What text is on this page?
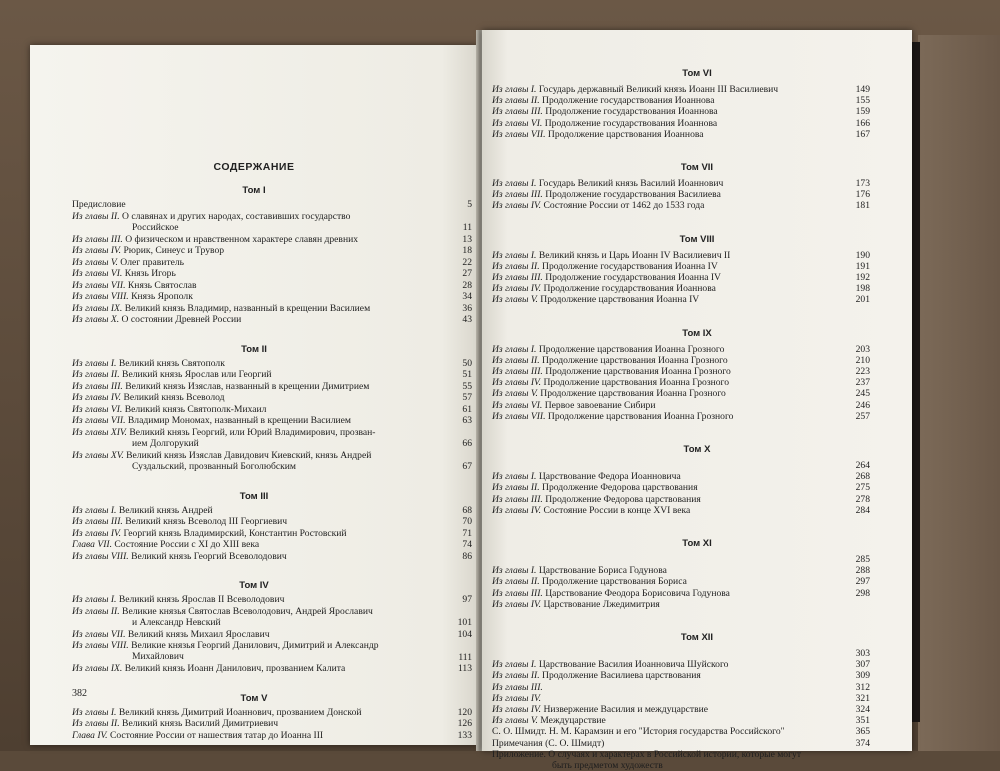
СОДЕРЖАНИЕ
Том I
Предисловие	5
Из главы II. О славянах и других народах, составивших государство
Российское	11
Из главы III. О физическом и нравственном характере славян древних	13
Из главы IV. Рюрик, Синеус и Трувор	18
Из главы V. Олег правитель	22
Из главы VI. Князь Игорь	27
Из главы VII. Князь Святослав	28
Из главы VIII. Князь Ярополк	34
Из главы IX. Великий князь Владимир, названный в крещении Василием	36
Из главы X. О состоянии Древней России	43
Том II
Из главы I. Великий князь Святополк	50
Из главы II. Великий князь Ярослав или Георгий	51
Из главы III. Великий князь Изяслав, названный в крещении Димитрием	55
Из главы IV. Великий князь Всеволод	57
Из главы VI. Великий князь Святополк-Михаил	61
Из главы VII. Владимир Мономах, названный в крещении Василием	63
Из главы XIV. Великий князь Георгий, или Юрий Владимирович, прозван-
ием Долгорукий	66
Из главы XV. Великий князь Изяслав Давидович Киевский, князь Андрей
Суздальский, прозванный Боголюбским	67
Том III
Из главы I. Великий князь Андрей	68
Из главы III. Великий князь Всеволод III Георгиевич	70
Из главы IV. Георгий князь Владимирский, Константин Ростовский	71
Глава VII. Состояние России с XI до XIII века	74
Из главы VIII. Великий князь Георгий Всеволодович	86
Том IV
Из главы I. Великий князь Ярослав II Всеволодович	97
Из главы II. Великие князья Святослав Всеволодович, Андрей Ярославич
и Александр Невский	101
Из главы VII. Великий князь Михаил Ярославич	104
Из главы VIII. Великие князья Георгий Данилович, Димитрий и Александр
Михайлович	111
Из главы IX. Великий князь Иоанн Данилович, прозванием Калита	113
Том V
Из главы I. Великий князь Димитрий Иоаннович, прозванием Донской	120
Из главы II. Великий князь Василий Димитриевич	126
Глава IV. Состояние России от нашествия татар до Иоанна III	133
382
Том VI
Из главы I. Государь державный Великий князь Иоанн III Василиевич	149
Из главы II. Продолжение государствования Иоаннова	155
Из главы III. Продолжение государствования Иоаннова	159
Из главы VI. Продолжение государствования Иоаннова	166
Из главы VII. Продолжение царствования Иоаннова	167
Том VII
Из главы I. Государь Великий князь Василий Иоаннович	173
Из главы III. Продолжение государствования Василиева	176
Из главы IV. Состояние России от 1462 до 1533 года	181
Том VIII
Из главы I. Великий князь и Царь Иоанн IV Василиевич II	190
Из главы II. Продолжение государствования Иоанна IV	191
Из главы III. Продолжение государствования Иоанна IV	192
Из главы IV. Продолжение государствования Иоаннова	198
Из главы V. Продолжение царствования Иоанна IV	201
Том IX
Из главы I. Продолжение царствования Иоанна Грозного	203
Из главы II. Продолжение царствования Иоанна Грозного	210
Из главы III. Продолжение царствования Иоанна Грозного	223
Из главы IV. Продолжение царствования Иоанна Грозного	237
Из главы V. Продолжение царствования Иоанна Грозного	245
Из главы VI. Первое завоевание Сибири	246
Из главы VII. Продолжение царствования Иоанна Грозного	257
Том X
264
Из главы I. Царствование Федора Иоанновича	268
Из главы II. Продолжение Федорова царствования	275
Из главы III. Продолжение Федорова царствования	278
Из главы IV. Состояние России в конце XVI века	284
Том XI
285
Из главы I. Царствование Бориса Годунова	288
Из главы II. Продолжение царствования Бориса	297
Из главы III. Царствование Феодора Борисовича Годунова	298
Из главы IV. Царствование Лжедимитрия
Том XII
303
Из главы I. Царствование Василия Иоанновича Шуйского	307
Из главы II. Продолжение Василиева царствования	309
Из главы III.	312
Из главы IV.	321
Из главы IV. Низвержение Василия и междуцарствие	324
Из главы V. Междуцарствие	351
С. О. Шмидт. Н. М. Карамзин и его "История государства Российского"	365
Примечания (С. О. Шмидт)	374
Приложение. О случаях и характерах в Российской истории, которые могут
быть предметом художеств
